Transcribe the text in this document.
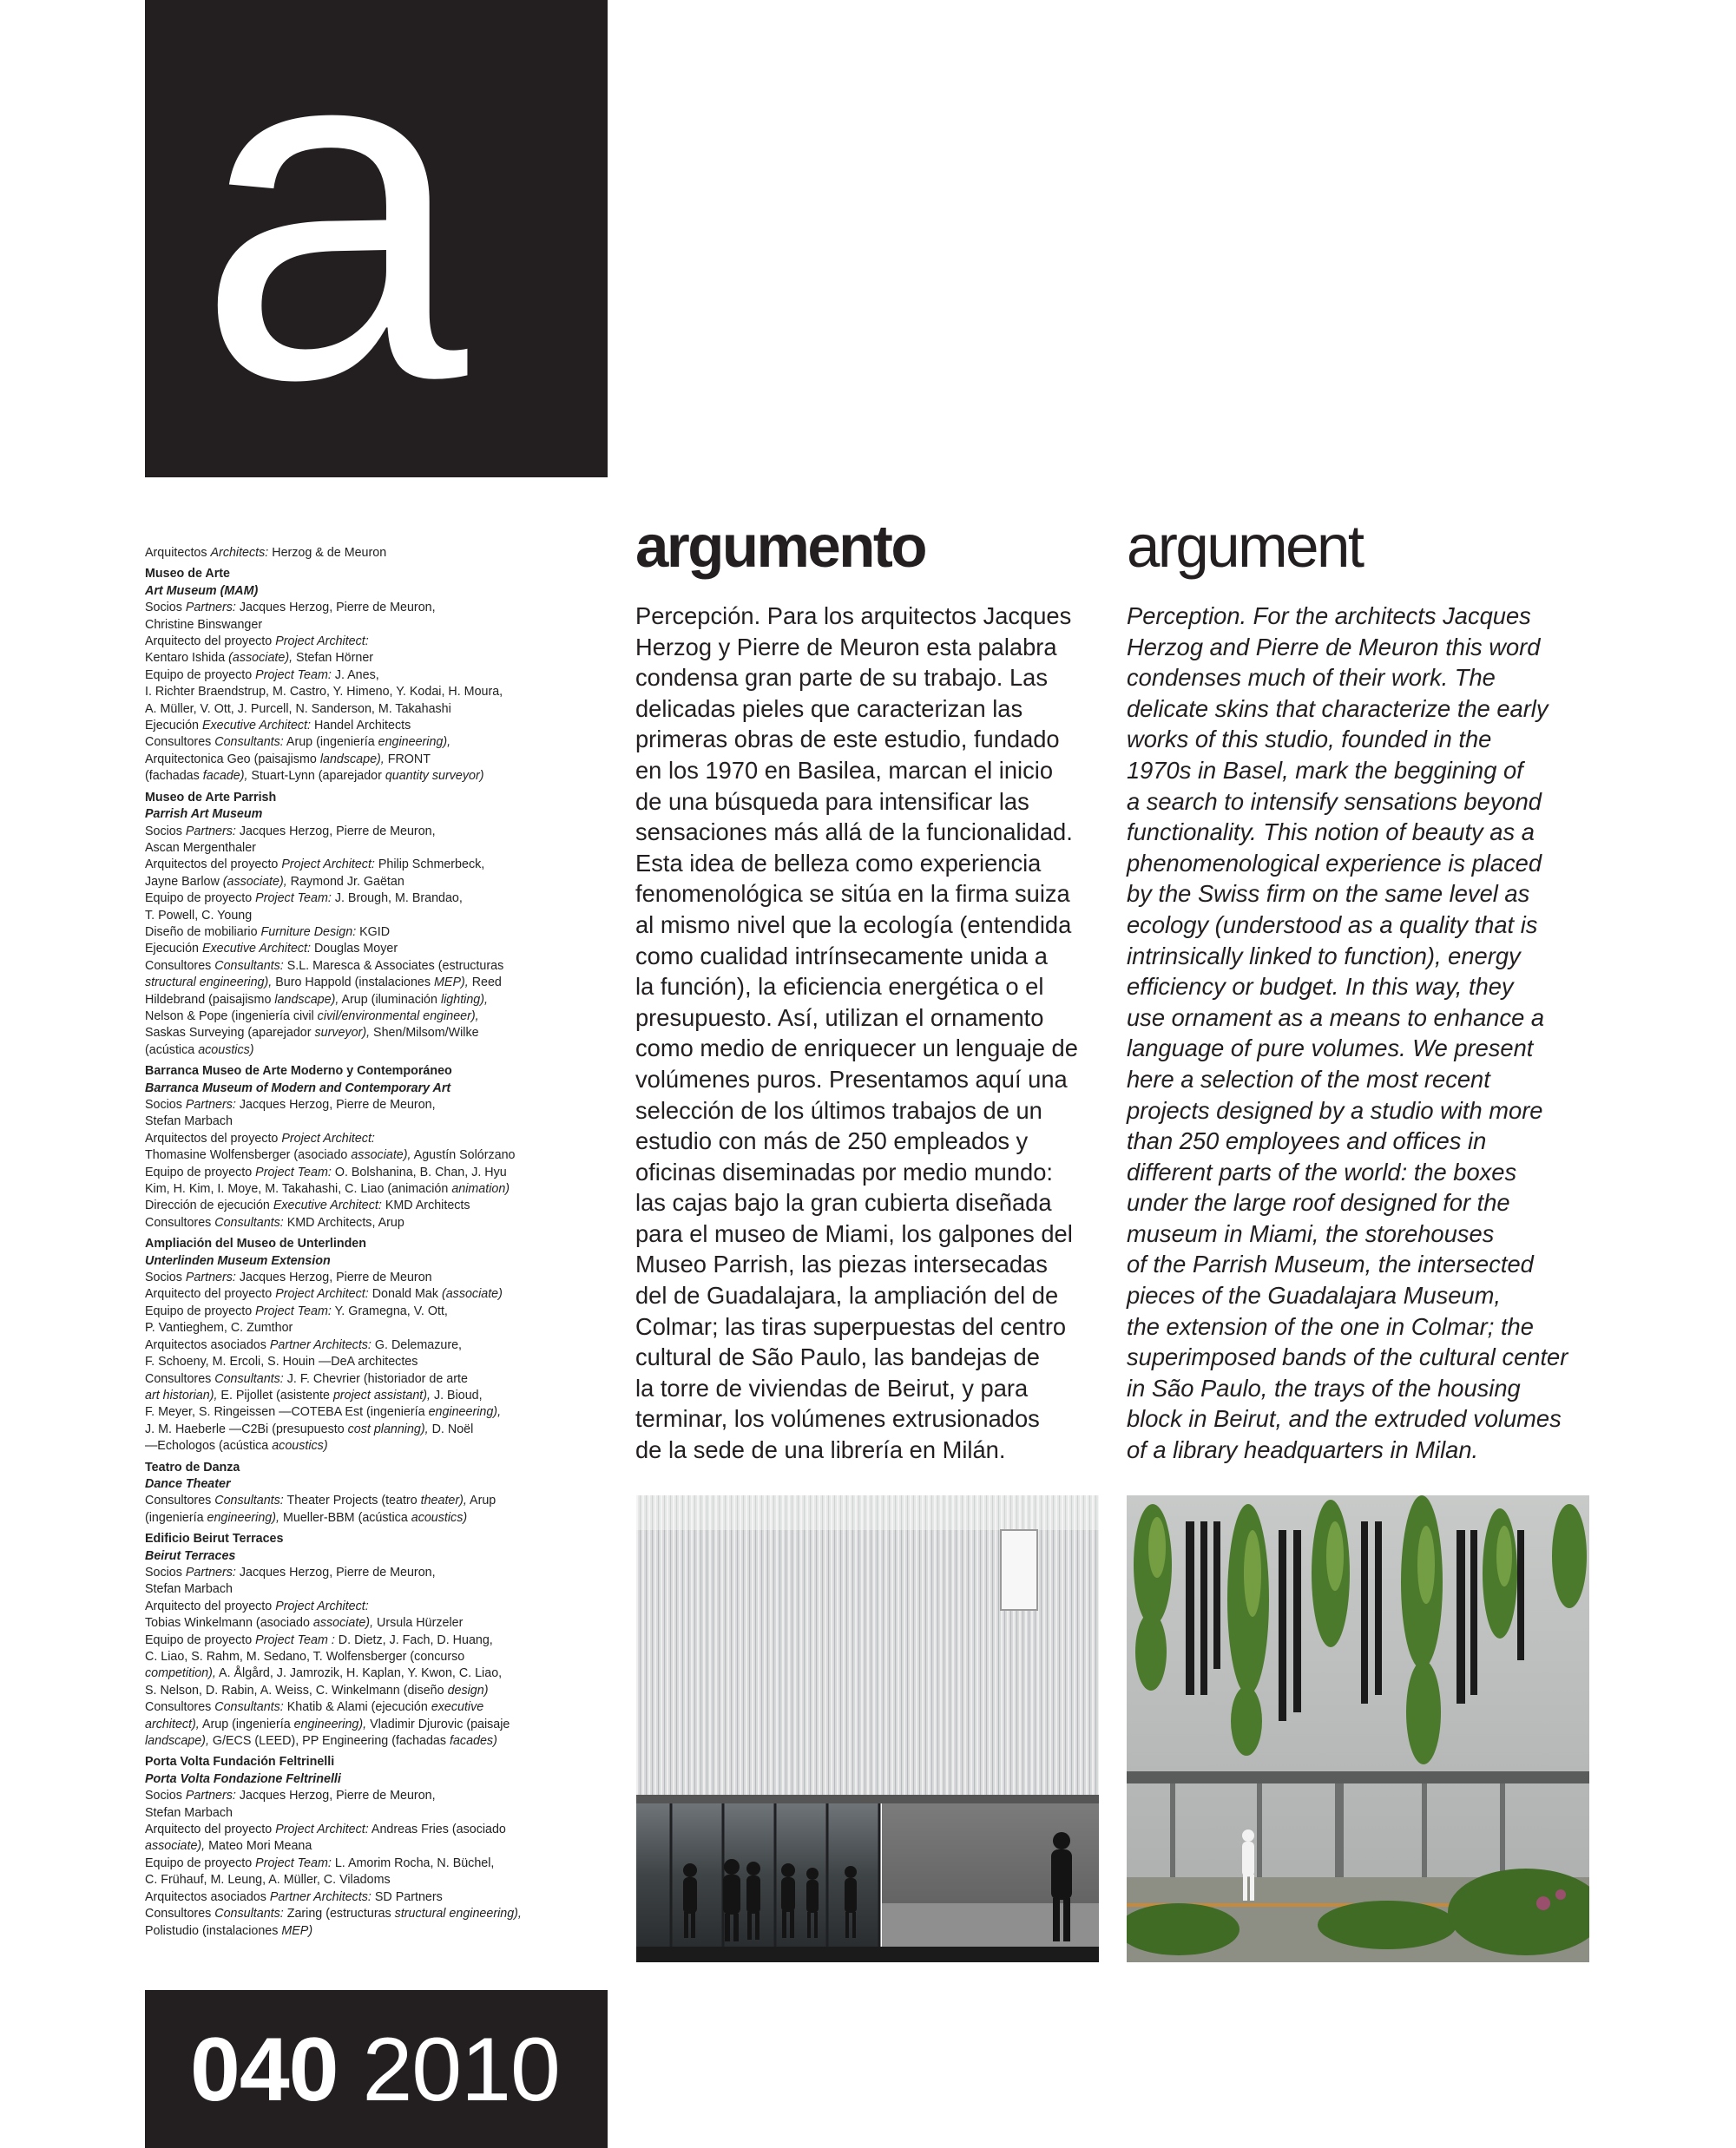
a

Arquitectos Architects: Herzog & de Meuron

Museo de Arte

Art Museum (MAM)

Socios Partners: Jacques Herzog, Pierre de Meuron,

Christine Binswanger

Arquitecto del proyecto Project Architect:

Kentaro Ishida (associate), Stefan Hörner

Equipo de proyecto Project Team: J. Anes,

I. Richter Braendstrup, M. Castro, Y. Himeno, Y. Kodai, H. Moura,

A. Müller, V. Ott, J. Purcell, N. Sanderson, M. Takahashi

Ejecución Executive Architect: Handel Architects

Consultores Consultants: Arup (ingeniería engineering),

Arquitectonica Geo (paisajismo landscape), FRONT

(fachadas facade), Stuart-Lynn (aparejador quantity surveyor)

Museo de Arte Parrish

Parrish Art Museum

Socios Partners: Jacques Herzog, Pierre de Meuron,

Ascan Mergenthaler

Arquitectos del proyecto Project Architect: Philip Schmerbeck,

Jayne Barlow (associate), Raymond Jr. Gaëtan

Equipo de proyecto Project Team: J. Brough, M. Brandao,

T. Powell, C. Young

Diseño de mobiliario Furniture Design: KGID

Ejecución Executive Architect: Douglas Moyer

Consultores Consultants: S.L. Maresca & Associates (estructuras

structural engineering), Buro Happold (instalaciones MEP), Reed

Hildebrand (paisajismo landscape), Arup (iluminación lighting),

Nelson & Pope (ingeniería civil civil/environmental engineer),

Saskas Surveying (aparejador surveyor), Shen/Milsom/Wilke

(acústica acoustics)

Barranca Museo de Arte Moderno y Contemporáneo

Barranca Museum of Modern and Contemporary Art

Socios Partners: Jacques Herzog, Pierre de Meuron,

Stefan Marbach

Arquitectos del proyecto Project Architect:

Thomasine Wolfensberger (asociado associate), Agustín Solórzano

Equipo de proyecto Project Team: O. Bolshanina, B. Chan, J. Hyu

Kim, H. Kim, I. Moye, M. Takahashi, C. Liao (animación animation)

Dirección de ejecución Executive Architect: KMD Architects

Consultores Consultants: KMD Architects, Arup

Ampliación del Museo de Unterlinden

Unterlinden Museum Extension

Socios Partners: Jacques Herzog, Pierre de Meuron

Arquitecto del proyecto Project Architect: Donald Mak (associate)

Equipo de proyecto Project Team: Y. Gramegna, V. Ott,

P. Vantieghem, C. Zumthor

Arquitectos asociados Partner Architects: G. Delemazure,

F. Schoeny, M. Ercoli, S. Houin —DeA architectes

Consultores Consultants: J. F. Chevrier (historiador de arte

art historian), E. Pijollet (asistente project assistant), J. Bioud,

F. Meyer, S. Ringeissen —COTEBA Est (ingeniería engineering),

J. M. Haeberle —C2Bi (presupuesto cost planning), D. Noël

—Echologos (acústica acoustics)

Teatro de Danza

Dance Theater

Consultores Consultants: Theater Projects (teatro theater), Arup

(ingeniería engineering), Mueller-BBM (acústica acoustics)

Edificio Beirut Terraces

Beirut Terraces

Socios Partners: Jacques Herzog, Pierre de Meuron,

Stefan Marbach

Arquitecto del proyecto Project Architect:

Tobias Winkelmann (asociado associate), Ursula Hürzeler

Equipo de proyecto Project Team : D. Dietz, J. Fach, D. Huang,

C. Liao, S. Rahm, M. Sedano, T. Wolfensberger (concurso

competition), A. Ålgård, J. Jamrozik, H. Kaplan, Y. Kwon, C. Liao,

S. Nelson, D. Rabin, A. Weiss, C. Winkelmann (diseño design)

Consultores Consultants: Khatib & Alami (ejecución executive

architect), Arup (ingeniería engineering), Vladimir Djurovic (paisaje

landscape), G/ECS (LEED), PP Engineering (fachadas facades)

Porta Volta Fundación Feltrinelli

Porta Volta Fondazione Feltrinelli

Socios Partners: Jacques Herzog, Pierre de Meuron,

Stefan Marbach

Arquitecto del proyecto Project Architect: Andreas Fries (asociado

associate), Mateo Mori Meana

Equipo de proyecto Project Team: L. Amorim Rocha, N. Büchel,

C. Frühauf, M. Leung, A. Müller, C. Viladoms

Arquitectos asociados Partner Architects: SD Partners

Consultores Consultants: Zaring (estructuras structural engineering),

Polistudio (instalaciones MEP)

argumento	argument
Percepción. Para los arquitectos Jacques
Herzog y Pierre de Meuron esta palabra
condensa gran parte de su trabajo. Las
delicadas pieles que caracterizan las
primeras obras de este estudio, fundado
en los 1970 en Basilea, marcan el inicio
de una búsqueda para intensificar las
sensaciones más allá de la funcionalidad.
Esta idea de belleza como experiencia
fenomenológica se sitúa en la firma suiza
al mismo nivel que la ecología (entendida
como cualidad intrínsecamente unida a
la función), la eficiencia energética o el
presupuesto. Así, utilizan el ornamento
como medio de enriquecer un lenguaje de
volúmenes puros. Presentamos aquí una
selección de los últimos trabajos de un
estudio con más de 250 empleados y
oficinas diseminadas por medio mundo:
las cajas bajo la gran cubierta diseñada
para el museo de Miami, los galpones del
Museo Parrish, las piezas intersecadas
del de Guadalajara, la ampliación del de
Colmar; las tiras superpuestas del centro
cultural de São Paulo, las bandejas de
la torre de viviendas de Beirut, y para
terminar, los volúmenes extrusionados
de la sede de una librería en Milán.
Perception. For the architects Jacques
Herzog and Pierre de Meuron this word
condenses much of their work. The
delicate skins that characterize the early
works of this studio, founded in the
1970s in Basel, mark the beggining of
a search to intensify sensations beyond
functionality. This notion of beauty as a
phenomenological experience is placed
by the Swiss firm on the same level as
ecology (understood as a quality that is
intrinsically linked to function), energy
efficiency or budget. In this way, they
use ornament as a means to enhance a
language of pure volumes. We present
here a selection of the most recent
projects designed by a studio with more
than 250 employees and offices in
different parts of the world: the boxes
under the large roof designed for the
museum in Miami, the storehouses
of the Parrish Museum, the intersected
pieces of the Guadalajara Museum,
the extension of the one in Colmar; the
superimposed bands of the cultural center
in São Paulo, the trays of the housing
block in Beirut, and the extruded volumes
of a library headquarters in Milan.
040 2010
